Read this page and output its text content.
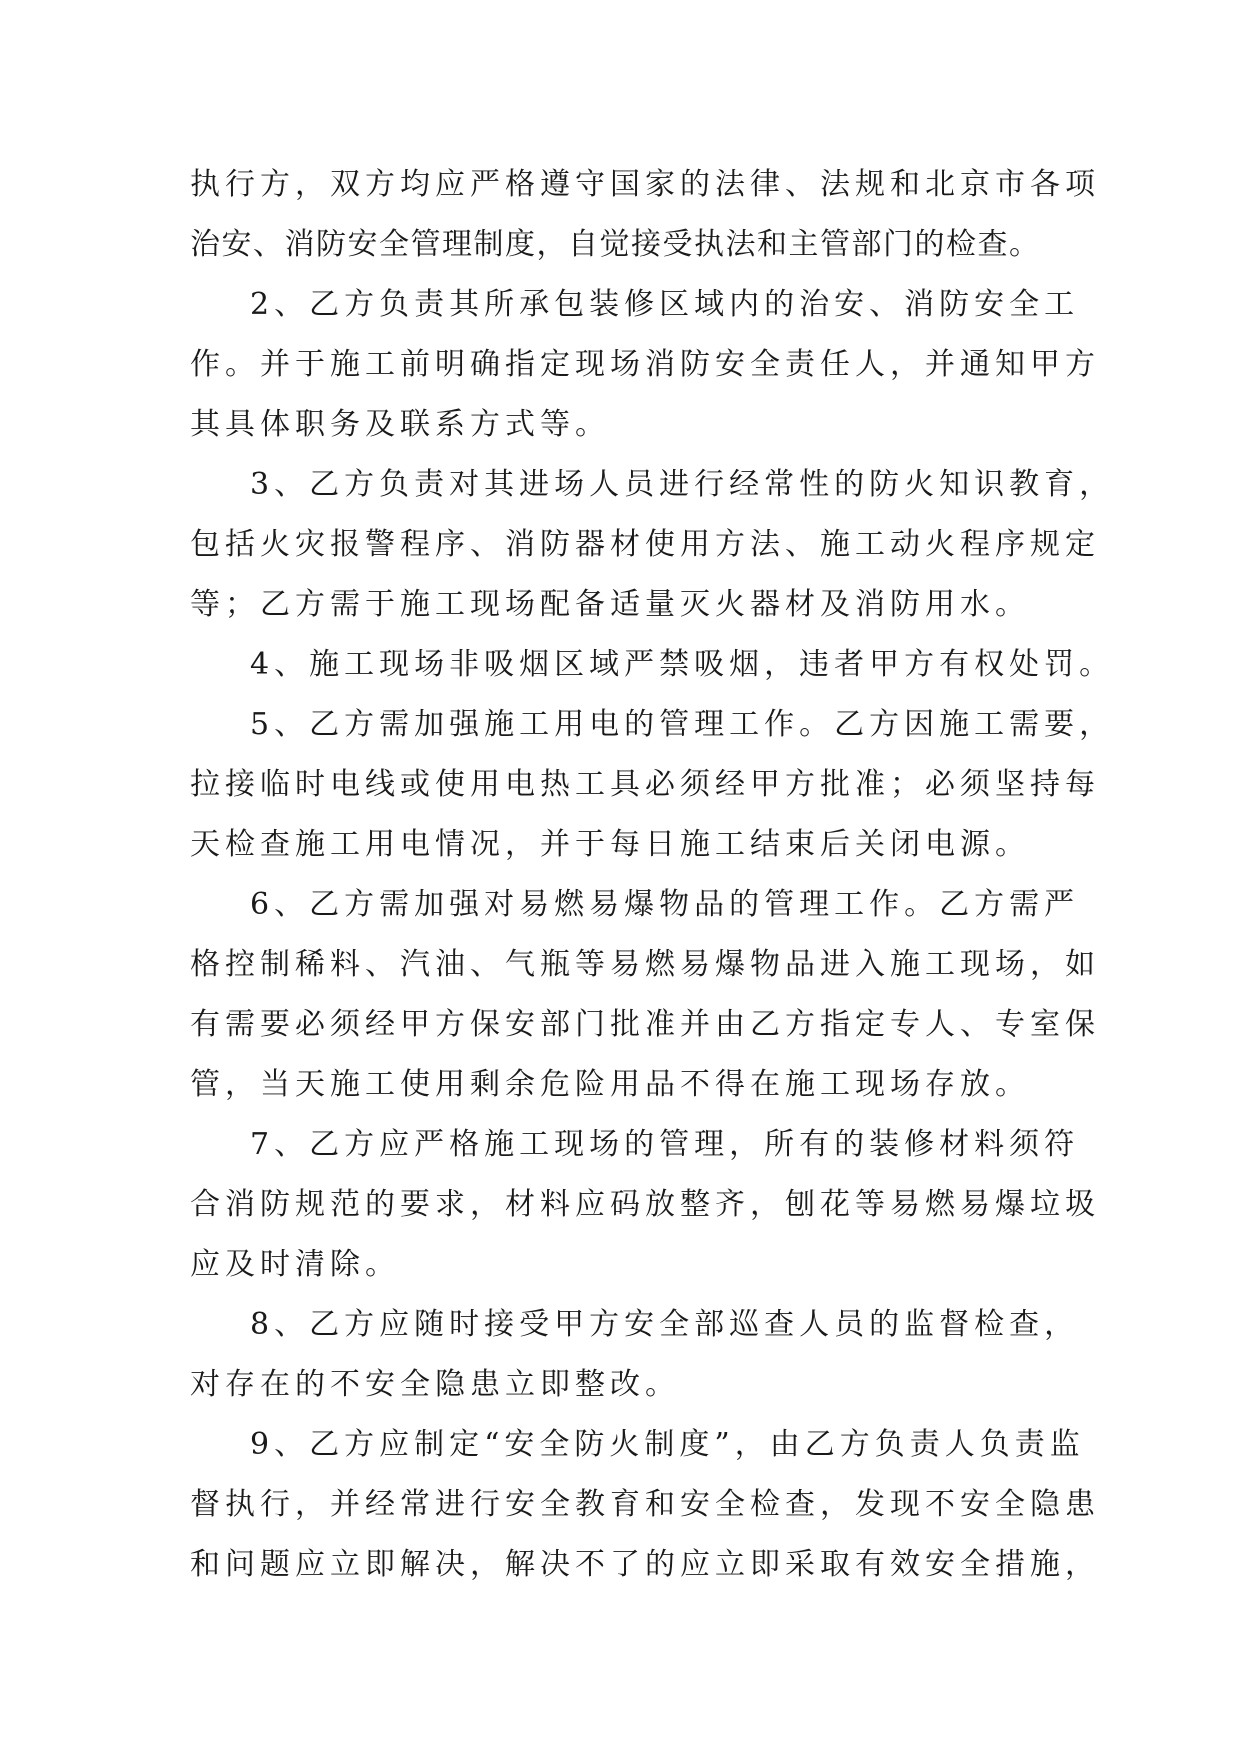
执行方，双方均应严格遵守国家的法律、法规和北京市各项
治安、消防安全管理制度，自觉接受执法和主管部门的检查。
2、乙方负责其所承包装修区域内的治安、消防安全工
作。并于施工前明确指定现场消防安全责任人，并通知甲方
其具体职务及联系方式等。
3、乙方负责对其进场人员进行经常性的防火知识教育，
包括火灾报警程序、消防器材使用方法、施工动火程序规定
等；乙方需于施工现场配备适量灭火器材及消防用水。
4、施工现场非吸烟区域严禁吸烟，违者甲方有权处罚。
5、乙方需加强施工用电的管理工作。乙方因施工需要，
拉接临时电线或使用电热工具必须经甲方批准；必须坚持每
天检查施工用电情况，并于每日施工结束后关闭电源。
6、乙方需加强对易燃易爆物品的管理工作。乙方需严
格控制稀料、汽油、气瓶等易燃易爆物品进入施工现场，如
有需要必须经甲方保安部门批准并由乙方指定专人、专室保
管，当天施工使用剩余危险用品不得在施工现场存放。
7、乙方应严格施工现场的管理，所有的装修材料须符
合消防规范的要求，材料应码放整齐，刨花等易燃易爆垃圾
应及时清除。
8、乙方应随时接受甲方安全部巡查人员的监督检查，
对存在的不安全隐患立即整改。
9、乙方应制定“安全防火制度”，由乙方负责人负责监
督执行，并经常进行安全教育和安全检查，发现不安全隐患
和问题应立即解决，解决不了的应立即采取有效安全措施，
